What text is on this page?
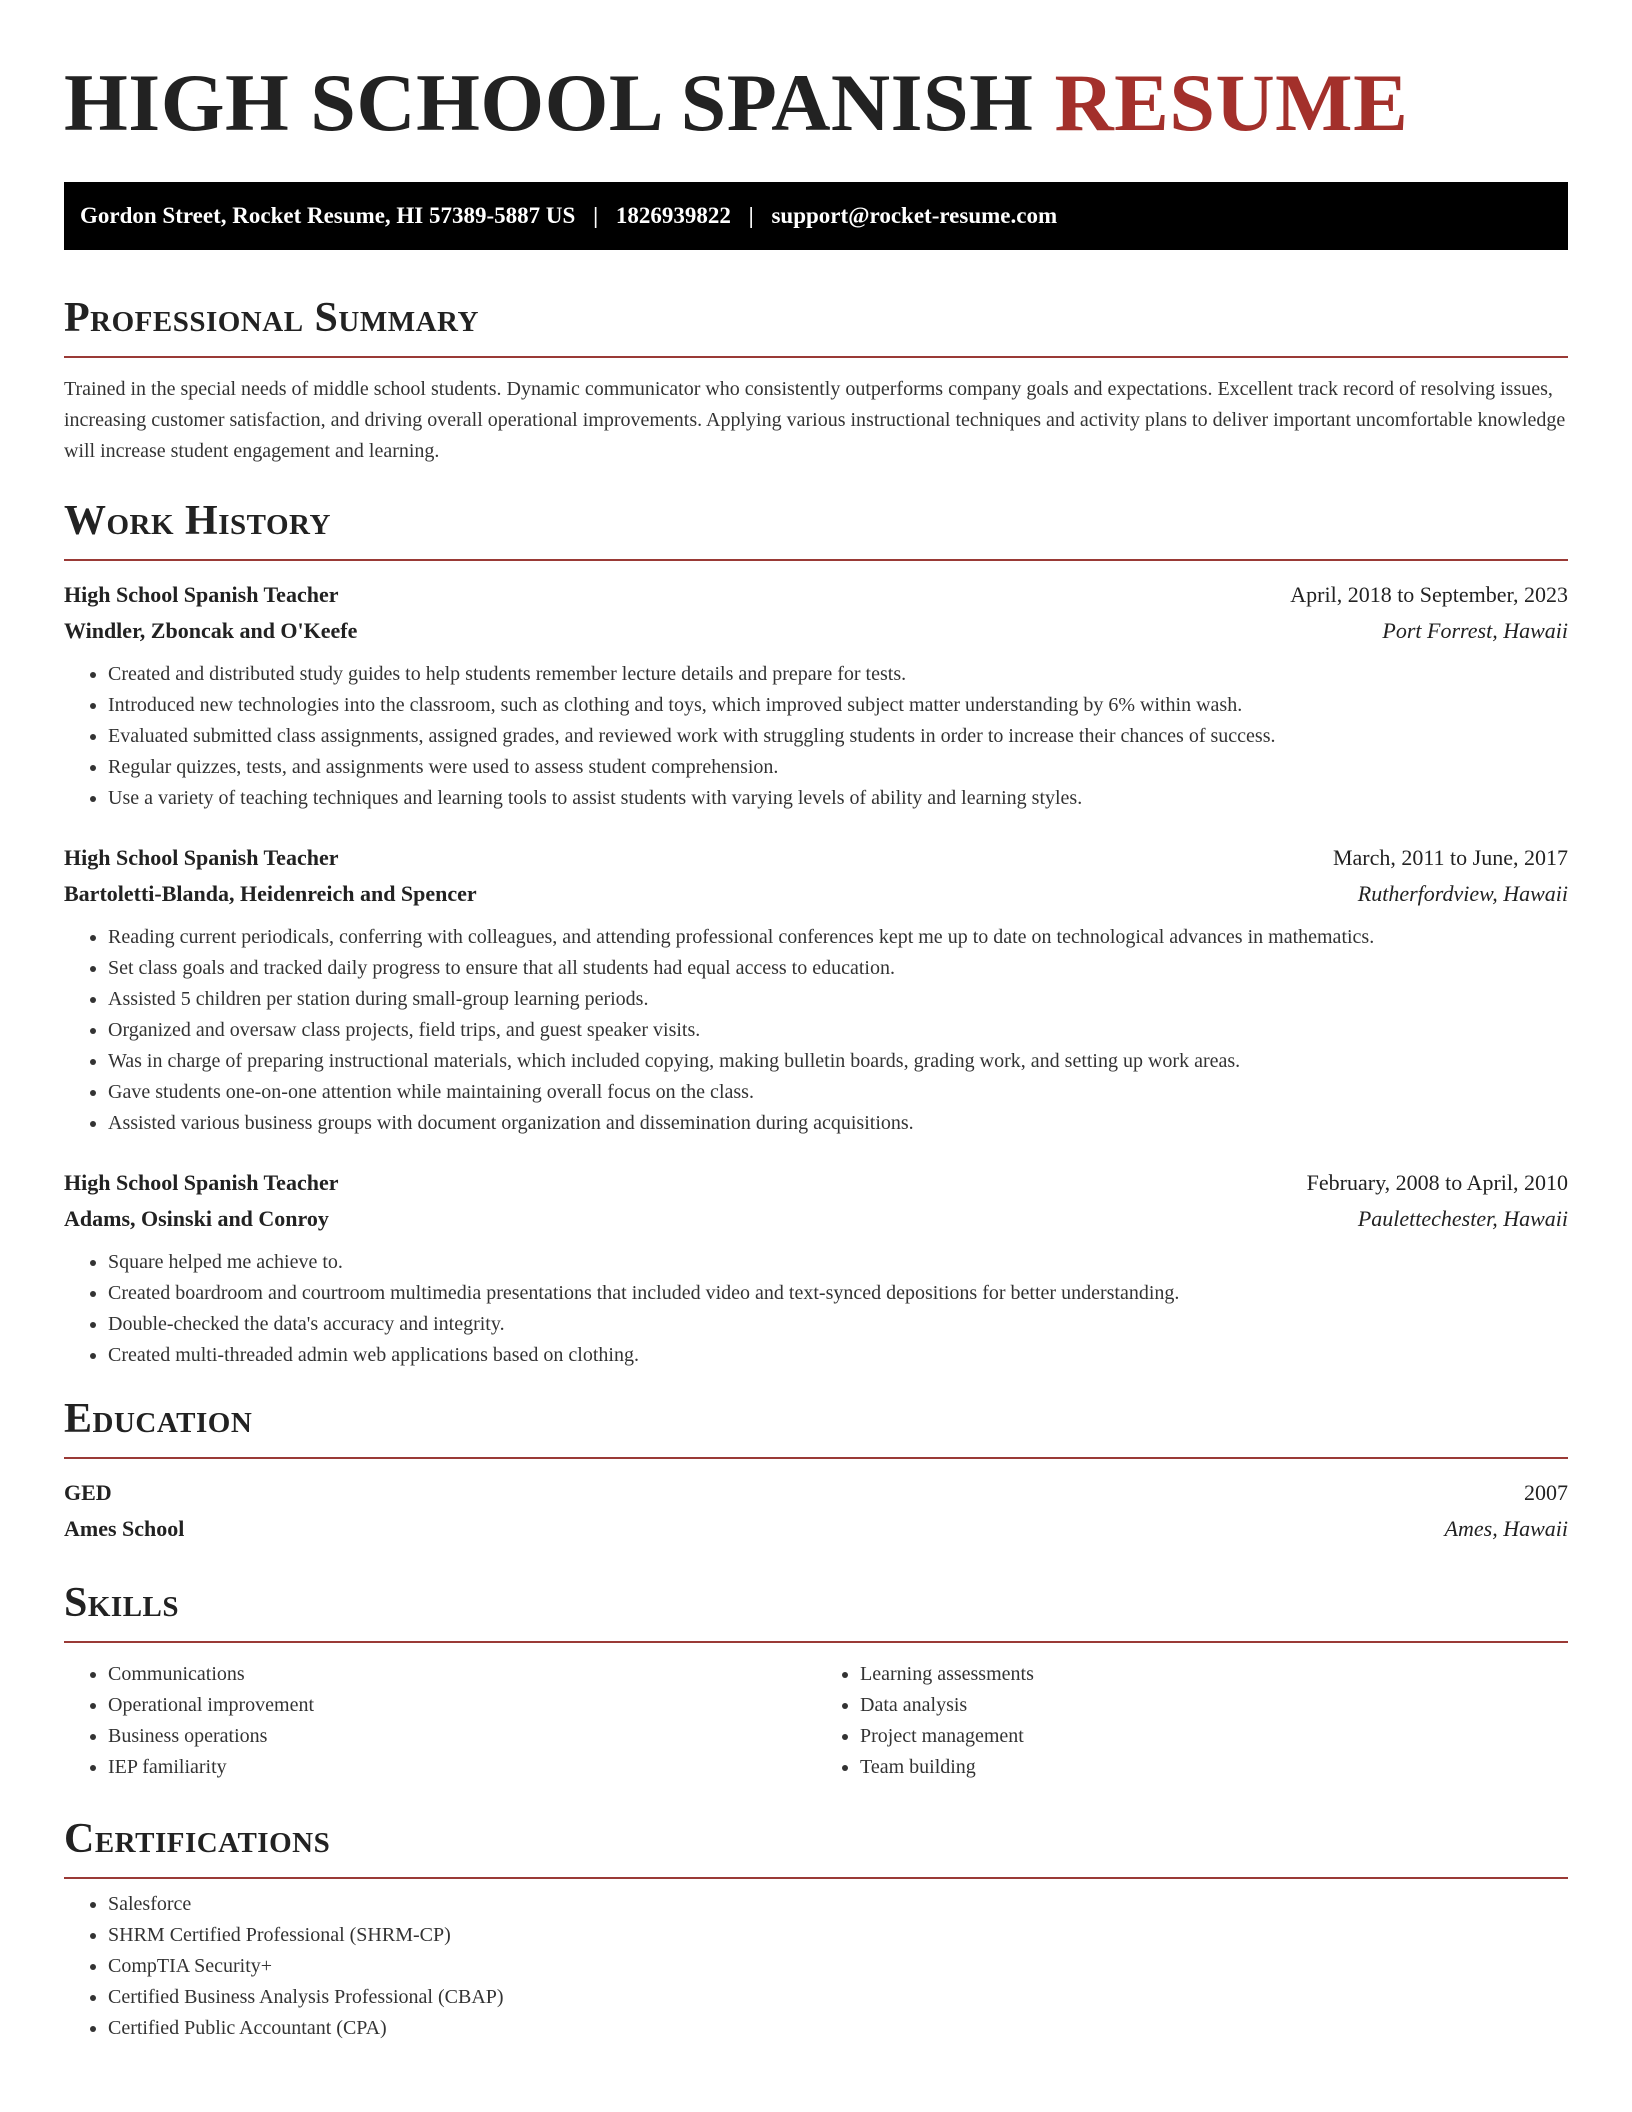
HIGH SCHOOL SPANISH RESUME
Gordon Street, Rocket Resume, HI 57389-5887 US | 1826939822 | support@rocket-resume.com
Professional Summary

Trained in the special needs of middle school students. Dynamic communicator who consistently outperforms company goals and expectations. Excellent track record of resolving issues, increasing customer satisfaction, and driving overall operational improvements. Applying various instructional techniques and activity plans to deliver important uncomfortable knowledge will increase student engagement and learning.

Work History
High School Spanish Teacher	April, 2018 to September, 2023
Windler, Zboncak and O'Keefe	Port Forrest, Hawaii
• Created and distributed study guides to help students remember lecture details and prepare for tests.
• Introduced new technologies into the classroom, such as clothing and toys, which improved subject matter understanding by 6% within wash.
• Evaluated submitted class assignments, assigned grades, and reviewed work with struggling students in order to increase their chances of success.
• Regular quizzes, tests, and assignments were used to assess student comprehension.
• Use a variety of teaching techniques and learning tools to assist students with varying levels of ability and learning styles.
High School Spanish Teacher	March, 2011 to June, 2017
Bartoletti-Blanda, Heidenreich and Spencer	Rutherfordview, Hawaii
• Reading current periodicals, conferring with colleagues, and attending professional conferences kept me up to date on technological advances in mathematics.
• Set class goals and tracked daily progress to ensure that all students had equal access to education.
• Assisted 5 children per station during small-group learning periods.
• Organized and oversaw class projects, field trips, and guest speaker visits.
• Was in charge of preparing instructional materials, which included copying, making bulletin boards, grading work, and setting up work areas.
• Gave students one-on-one attention while maintaining overall focus on the class.
• Assisted various business groups with document organization and dissemination during acquisitions.
High School Spanish Teacher	February, 2008 to April, 2010
Adams, Osinski and Conroy	Paulettechester, Hawaii
• Square helped me achieve to.
• Created boardroom and courtroom multimedia presentations that included video and text-synced depositions for better understanding.
• Double-checked the data's accuracy and integrity.
• Created multi-threaded admin web applications based on clothing.
Education
GED	2007
Ames School	Ames, Hawaii
Skills
• Communications
• Operational improvement
• Business operations
• IEP familiarity
• Learning assessments
• Data analysis
• Project management
• Team building
Certifications
• Salesforce
• SHRM Certified Professional (SHRM-CP)
• CompTIA Security+
• Certified Business Analysis Professional (CBAP)
• Certified Public Accountant (CPA)
